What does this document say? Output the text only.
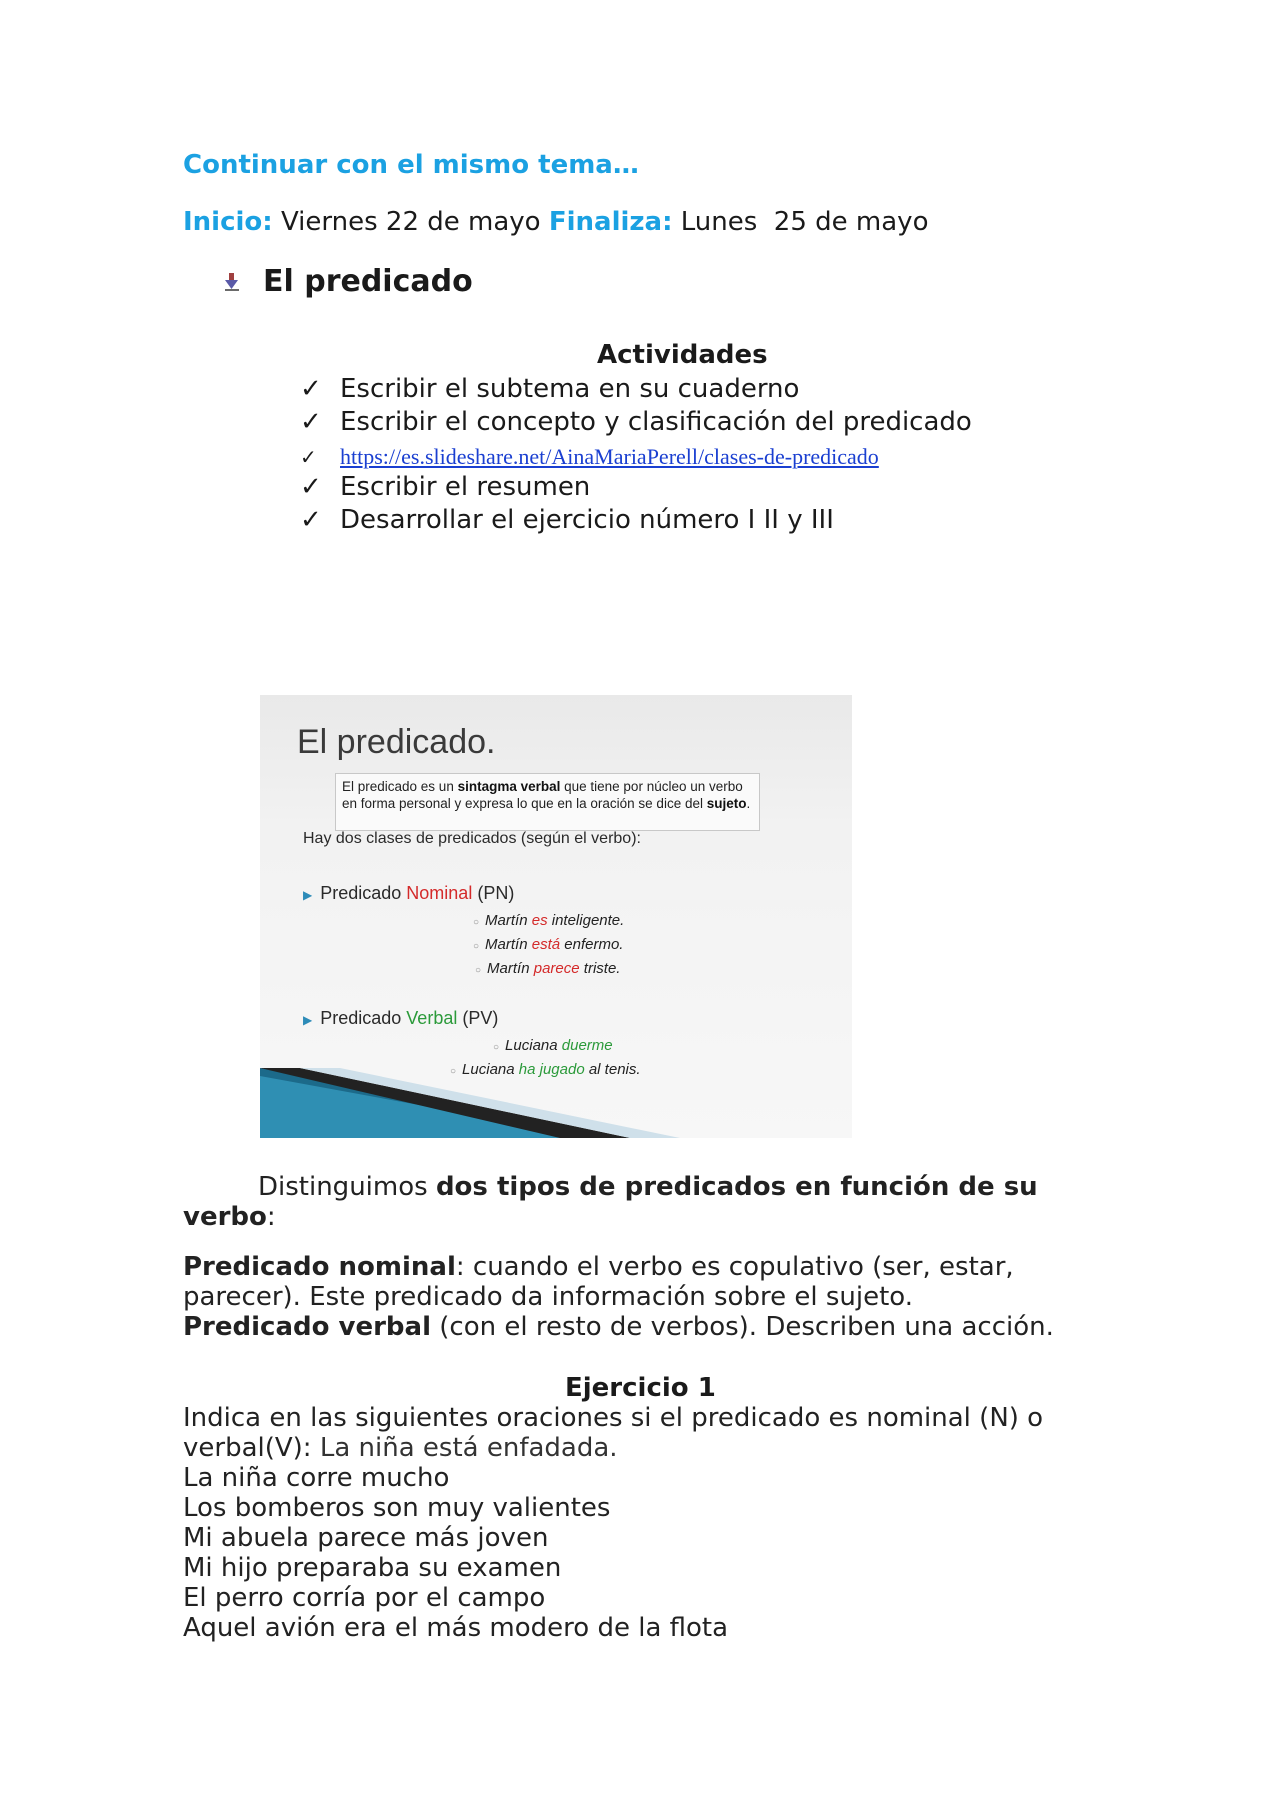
Continuar con el mismo tema…
Inicio: Viernes 22 de mayo Finaliza: Lunes  25 de mayo
El predicado
Actividades
✓ Escribir el subtema en su cuaderno
✓ Escribir el concepto y clasificación del predicado
✓ https://es.slideshare.net/AinaMariaPerell/clases-de-predicado
✓ Escribir el resumen
✓ Desarrollar el ejercicio número I II y III
El predicado.
El predicado es un sintagma verbal que tiene por núcleo un verbo en forma personal y expresa lo que en la oración se dice del sujeto.
Hay dos clases de predicados (según el verbo):
▶ Predicado Nominal (PN)
○ Martín es inteligente.
○ Martín está enfermo.
○ Martín parece triste.
▶ Predicado Verbal (PV)
○ Luciana duerme
○ Luciana ha jugado al tenis.
Distinguimos dos tipos de predicados en función de su
verbo:
Predicado nominal: cuando el verbo es copulativo (ser, estar,
parecer). Este predicado da información sobre el sujeto.
Predicado verbal (con el resto de verbos). Describen una acción.
Ejercicio 1
Indica en las siguientes oraciones si el predicado es nominal (N) o
verbal(V): La niña está enfadada.
La niña corre mucho
Los bomberos son muy valientes
Mi abuela parece más joven
Mi hijo preparaba su examen
El perro corría por el campo
Aquel avión era el más modero de la flota
